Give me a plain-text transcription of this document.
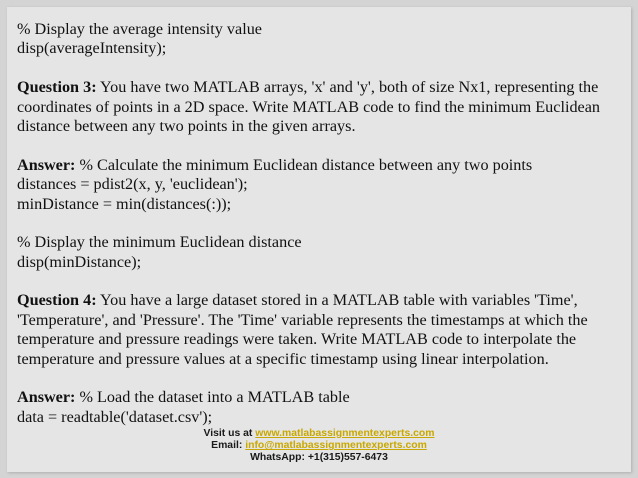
% Display the average intensity value
disp(averageIntensity);
Question 3: You have two MATLAB arrays, 'x' and 'y', both of size Nx1, representing the
coordinates of points in a 2D space. Write MATLAB code to find the minimum Euclidean
distance between any two points in the given arrays.
Answer: % Calculate the minimum Euclidean distance between any two points
distances = pdist2(x, y, 'euclidean');
minDistance = min(distances(:));
% Display the minimum Euclidean distance
disp(minDistance);
Question 4: You have a large dataset stored in a MATLAB table with variables 'Time',
'Temperature', and 'Pressure'. The 'Time' variable represents the timestamps at which the
temperature and pressure readings were taken. Write MATLAB code to interpolate the
temperature and pressure values at a specific timestamp using linear interpolation.
Answer: % Load the dataset into a MATLAB table
data = readtable('dataset.csv');
Visit us at www.matlabassignmentexperts.com
Email: info@matlabassignmentexperts.com
WhatsApp: +1(315)557-6473
